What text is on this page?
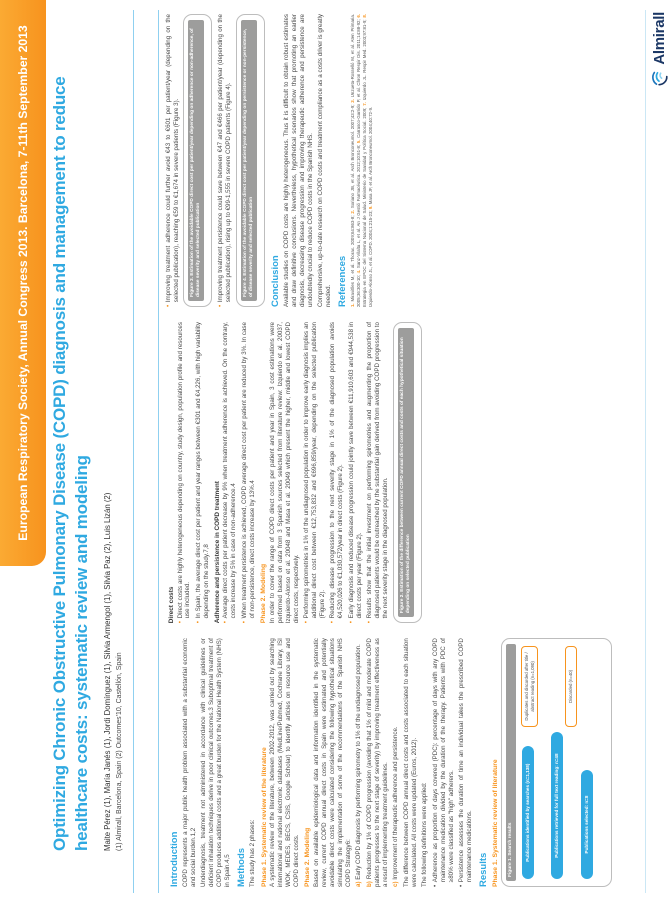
European Respiratory Society, Annual Congress 2013. Barcelona, 7-11th September 2013 Optimizing Chronic Obstructive Pulmonary Disease (COPD) diagnosis and management to reduce healthcare costs: systematic review and modeling Maite Pérez (1), María Janés (1), Jordi Domínguez (1), Silvia Armengol (1), Silvia Paz (2), Luis Lizán (2) (1) Almirall, Barcelona, Spain (2) Outcomes'10, Castellón, Spain
Introduction COPD represents a major public health problem associated with a substantial economic and social burden.1,2 Underdiagnosis, treatment not administered in accordance with clinical guidelines or deficient inhalation techniques derive in poor clinical outcomes.3 Suboptimal treatment of COPD produces additional costs and a great burden for the National Health System (NHS) in Spain.4,5 Methods The study has 2 phases: Phase 1. Systematic review of the literature A systematic review of the literature, between 2002-2012, was carried out by searching international and national electronic databases (MedLine/Pubmed, Cochrane Library, ISI WOK, MEDES, BECS, CSIS, Google Scholar) to identify articles on resource use and COPD direct costs. Phase 2. Modeling Based on available epidemiological data and information identified in the systematic review, current COPD annual direct costs in Spain were estimated and potentially avoidable direct costs were calculated considering the following hypothetical situations simulating the implementation of some of the recommendations of the Spanish NHS COPD Strategy6: a) Early COPD diagnosis by performing spirometry to 1% of the undiagnosed population.
b) Reduction by 1% of COPD progression (avoiding that 1% of mild and moderate COPD patients progresses to the next stage of severity) by improving treatment effectiveness as a result of implementing treatment guidelines. c) Improvement of therapeutic adherence and persistence. The difference between COPD annual direct costs and costs associated to each situation were calculated. All costs were updated (Euros, 2012). The following definitions were applied: •
Adherence as proportion of days covered (PDC): percentage of days with any COPD maintenance medication divided by the duration of the therapy. Patients with PDC of ≥80% were classified as "high" adherers.
•
Persistence assesses the duration of time an individual takes the prescribed COPD maintenance medications. Results Phase 1. Systematic review of literature	Figure 1. Search results	Publications identified by searches (n=1,138)	Publications retrieved for full text reading: n=48	Publications selected: n=8
Duplicates and discarded after title / abstract reading (n=1,090)	Discarded (n=40)
Direct costs •
Direct costs are highly heterogeneous depending on country, study design, population profile and resources use included.
•
In Spain, the average direct cost per patient and year ranges between €301 and €4,226, with high variability depending on the study.7,8 Adherence and persistence in COPD treatment •
Average direct costs per patient decrease by 9% when treatment adherence is achieved. On the contrary, costs increase by 5% in case of non-adherence.4
•
When treatment persistence is achieved, COPD average direct cost per patient are reduced by 3%. In case of non-persistence, direct costs increase by 13%.4 Phase 2. Modeling In order to cover the range of COPD direct costs per patient and year in Spain, 3 cost estimations were performed based on data from 3 Spanish sources selected from literature review: Izquierdo et al. 20037, Izquierdo-Alonso et al. 20048 and Masa et al. 20049 which present the higher, middle and lowest COPD direct costs, respectively. •
Performing spirometries in 1% of the undiagnosed population in order to improve early diagnosis implies an additional direct cost between €12,753,832 and €696,859/year, depending on the selected publication (Figure 2).
•
Reducing disease progression to the next severity stage in 1% of the diagnosed population avoids €4,520,026 to €1,030,572/year in direct costs (Figure 2).
•
Early diagnosis and reduced disease progression could jointly save between €11,910,603 and €944,538 in direct costs per year (Figure 2).
•
Results show that the initial investment on performing spirometries and augmenting the proportion of diagnosed patients would be outreached by the substantial gain derived from avoiding COPD progression to the next severity stage in the diagnosed population.	Figure 2. Estimation of the difference between current COPD annual direct costs and costs of each hypothetical situation depending on selected publication
•
Improving treatment adherence could further avoid €43 to €601 per patient/year (depending on the selected publication), reaching €59 to €1,674 in severe patients (Figure 3).	Figure 3. Estimation of the avoidable COPD direct cost per patient/year depending on adherence or non-adherence, of disease severity and selected publication
•
Improving treatment persistence could save between €47 and €466 per patient/year (depending on the selected publication), rising up to €99-1,555 in severe COPD patients (Figure 4).	Figure 4. Estimation of the avoidable COPD direct cost per patient/year depending on persistence or non-persistence, of disease severity and selected publication	Conclusion Available studies on COPD costs are highly heterogeneous. Thus it is difficult to obtain robust estimates and draw definitive conclusions. Nevertheless, hypothetical scenarios show that promoting an earlier diagnosis, decreasing disease progression and improving therapeutic adherence and persistence are undoubtedly crucial to reduce COPD costs in the Spanish NHS. Comprehensive, up-to-date research on COPD costs and treatment compliance as a costs driver is greatly needed. References 1. Miravitlles M, et al. Thorax. 2009;64:863-8; 2. Soriano JB, et al. Arch Bronconeumol. 2007;43:2-9; 3. Unzueta-Rosselló M, et al. Aten Primaria. 2005;36:300-10; 4. Sanz-Vilalta L, et al. An J Gestió Farmacéutica. 2012;10:61-8; 5. Carrasco-Garrido P, et al. Chron Respir Dis. 2011;14:88-92; 6. Estrategia en EPOC del Sistema Nacional de Salud. Ministerio de Sanidad y Política Social. 2009; 7. Izquierdo JL. Respir Med. 2003;97:81-9; 8. Izquierdo-Alonso JL, et al. COPD. 2004;1:215-23; 9. Masa JF, et al. Arch Bronconeumol. 2004;40:72-9.
Almirall
